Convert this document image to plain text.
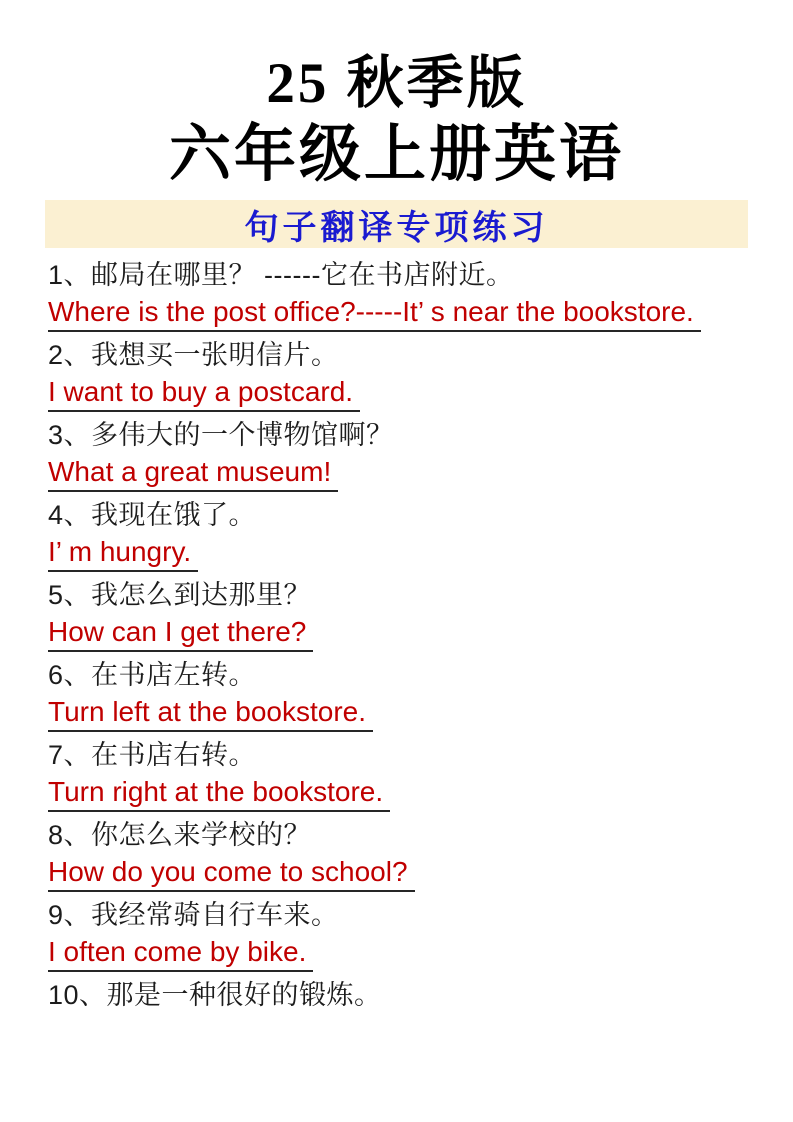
25 秋季版
六年级上册英语
句子翻译专项练习
1、邮局在哪里？ ------它在书店附近。
Where is the post office?-----It’ s near the bookstore.
2、我想买一张明信片。
I want to buy a postcard.
3、多伟大的一个博物馆啊？
What a great museum!
4、我现在饿了。
I’ m hungry.
5、我怎么到达那里？
How can I get there?
6、在书店左转。
Turn left at the bookstore.
7、在书店右转。
Turn right at the bookstore.
8、你怎么来学校的？
How do you come to school?
9、我经常骑自行车来。
I often come by bike.
10、那是一种很好的锻炼。
